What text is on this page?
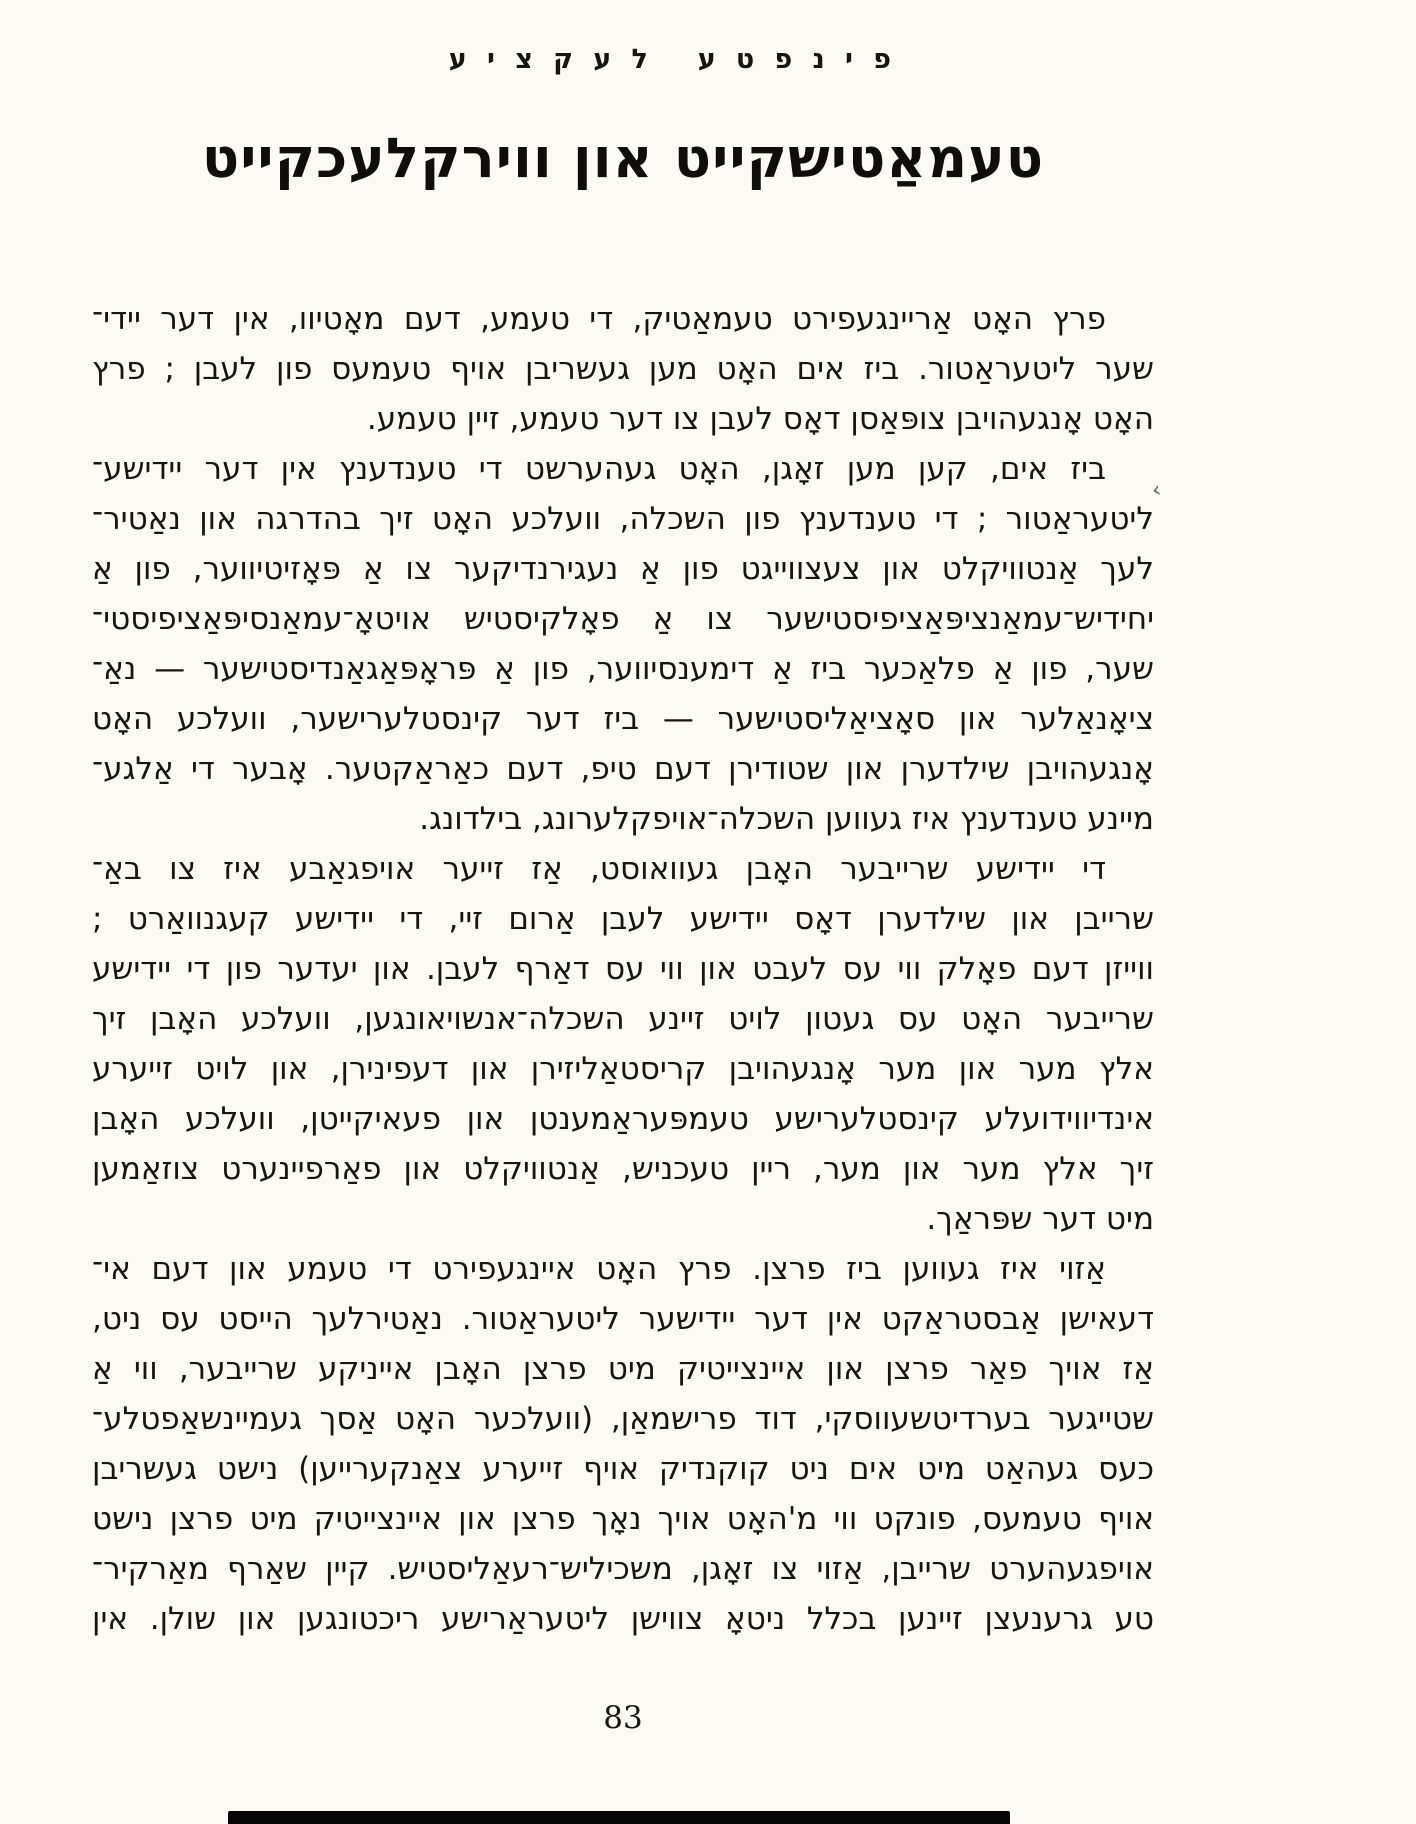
פינפטע לעקציע
טעמאַטישקייט און ווירקלעכקייט
פרץ האָט אַריינגעפירט טעמאַטיק, די טעמע, דעם מאָטיוו, אין דער יידי־
שער ליטעראַטור. ביז אים האָט מען געשריבן אויף טעמעס פון לעבן ; פרץ
האָט אָנגעהויבן צופּאַסן דאָס לעבן צו דער טעמע, זיין טעמע.
ביז אים, קען מען זאָגן, האָט געהערשט די טענדענץ אין דער יידישע־
ליטעראַטור ; די טענדענץ פון השכלה, וועלכע האָט זיך בהדרגה און נאַטיר־
לעך אַנטוויקלט און צעצווייגט פון אַ נעגירנדיקער צו אַ פּאָזיטיווער, פון אַ
יחידיש־עמאַנציפּאַציפיסטישער צו אַ פאָלקיסטיש אויטאָ־עמאַנסיפּאַציפיסטי־
שער, פון אַ פלאַכער ביז אַ דימענסיווער, פון אַ פּראָפּאַגאַנדיסטישער — נאַ־
ציאָנאַלער און סאָציאַליסטישער — ביז דער קינסטלערישער, וועלכע האָט
אָנגעהויבן שילדערן און שטודירן דעם טיפ, דעם כאַראַקטער. אָבער די אַלגע־
מיינע טענדענץ איז געווען השכלה־אויפקלערונג, בילדונג.
די יידישע שרייבער האָבן געוואוסט, אַז זייער אויפגאַבע איז צו באַ־
שרייבן און שילדערן דאָס יידישע לעבן אַרום זיי, די יידישע קעגנוואַרט ;
ווייזן דעם פאָלק ווי עס לעבט און ווי עס דאַרף לעבן. און יעדער פון די יידישע
שרייבער האָט עס געטון לויט זיינע השכלה־אנשויאונגען, וועלכע האָבן זיך
אלץ מער און מער אָנגעהויבן קריסטאַליזירן און דעפינירן, און לויט זייערע
אינדיווידועלע קינסטלערישע טעמפּעראַמענטן און פעאיקייטן, וועלכע האָבן
זיך אלץ מער און מער, ריין טעכניש, אַנטוויקלט און פאַרפיינערט צוזאַמען
מיט דער שפּראַך.
אַזוי איז געווען ביז פרצן. פרץ האָט איינגעפירט די טעמע און דעם אי־
דעאישן אַבסטראַקט אין דער יידישער ליטעראַטור. נאַטירלעך הייסט עס ניט,
אַז אויך פאַר פרצן און איינצייטיק מיט פרצן האָבן אייניקע שרייבער, ווי אַ
שטייגער בערדיטשעווסקי, דוד פרישמאַן, (וועלכער האָט אַסך געמיינשאַפטלע־
כעס געהאַט מיט אים ניט קוקנדיק אויף זייערע צאַנקערייען) נישט געשריבן
אויף טעמעס, פונקט ווי מ'האָט אויך נאָך פרצן און איינצייטיק מיט פרצן נישט
אויפגעהערט שרייבן, אַזוי צו זאָגן, משכיליש־רעאַליסטיש. קיין שאַרף מאַרקיר־
טע גרענעצן זיינען בכלל ניטאָ צווישן ליטעראַרישע ריכטונגען און שולן. אין
‹
83
